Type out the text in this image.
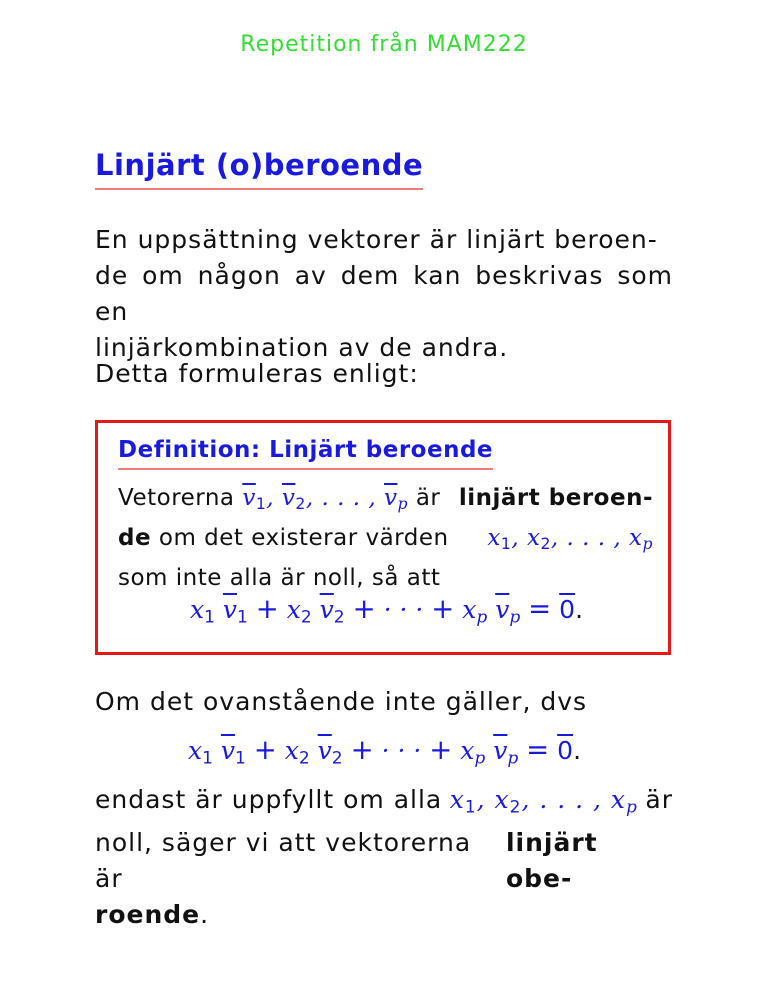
Repetition från MAM222
Linjärt (o)beroende
En uppsättning vektorer är linjärt beroen-
de om någon av dem kan beskrivas som en
linjärkombination av de andra.
Detta formuleras enligt:
Definition: Linjärt beroende
Vetorerna $\overline{v}_1$, $\overline{v}_2$, . . . , $\overline{v}_p$ är linjärt beroen-
de om det existerar värden $x_1$, $x_2$, . . . , $x_p$
som inte alla är noll, så att
$x_1$ $\overline{v}_1 + x_2$ $\overline{v}_2$ + · · · + $x_p$ $\overline{v}_p = 0$.
Om det ovanstående inte gäller, dvs
$x_1$ $\overline{v}_1 + x_2$ $\overline{v}_2$ + · · · + $x_p$ $\overline{v}_p = 0$.
endast är uppfyllt om alla $x_1$, $x_2$, . . . , $x_p$ är
noll, säger vi att vektorerna är
linjärt obe-
roende.
